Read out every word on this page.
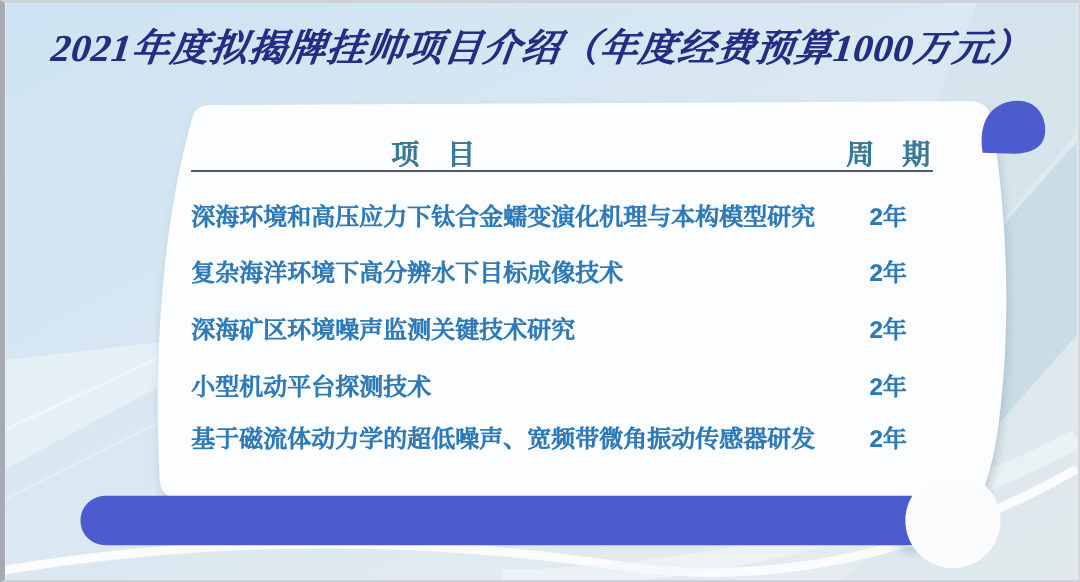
2021年度拟揭牌挂帅项目介绍（年度经费预算1000万元）
项　目	周　期
深海环境和高压应力下钛合金蠕变演化机理与本构模型研究	2年
复杂海洋环境下高分辨水下目标成像技术	2年
深海矿区环境噪声监测关键技术研究	2年
小型机动平台探测技术	2年
基于磁流体动力学的超低噪声、宽频带微角振动传感器研发	2年
